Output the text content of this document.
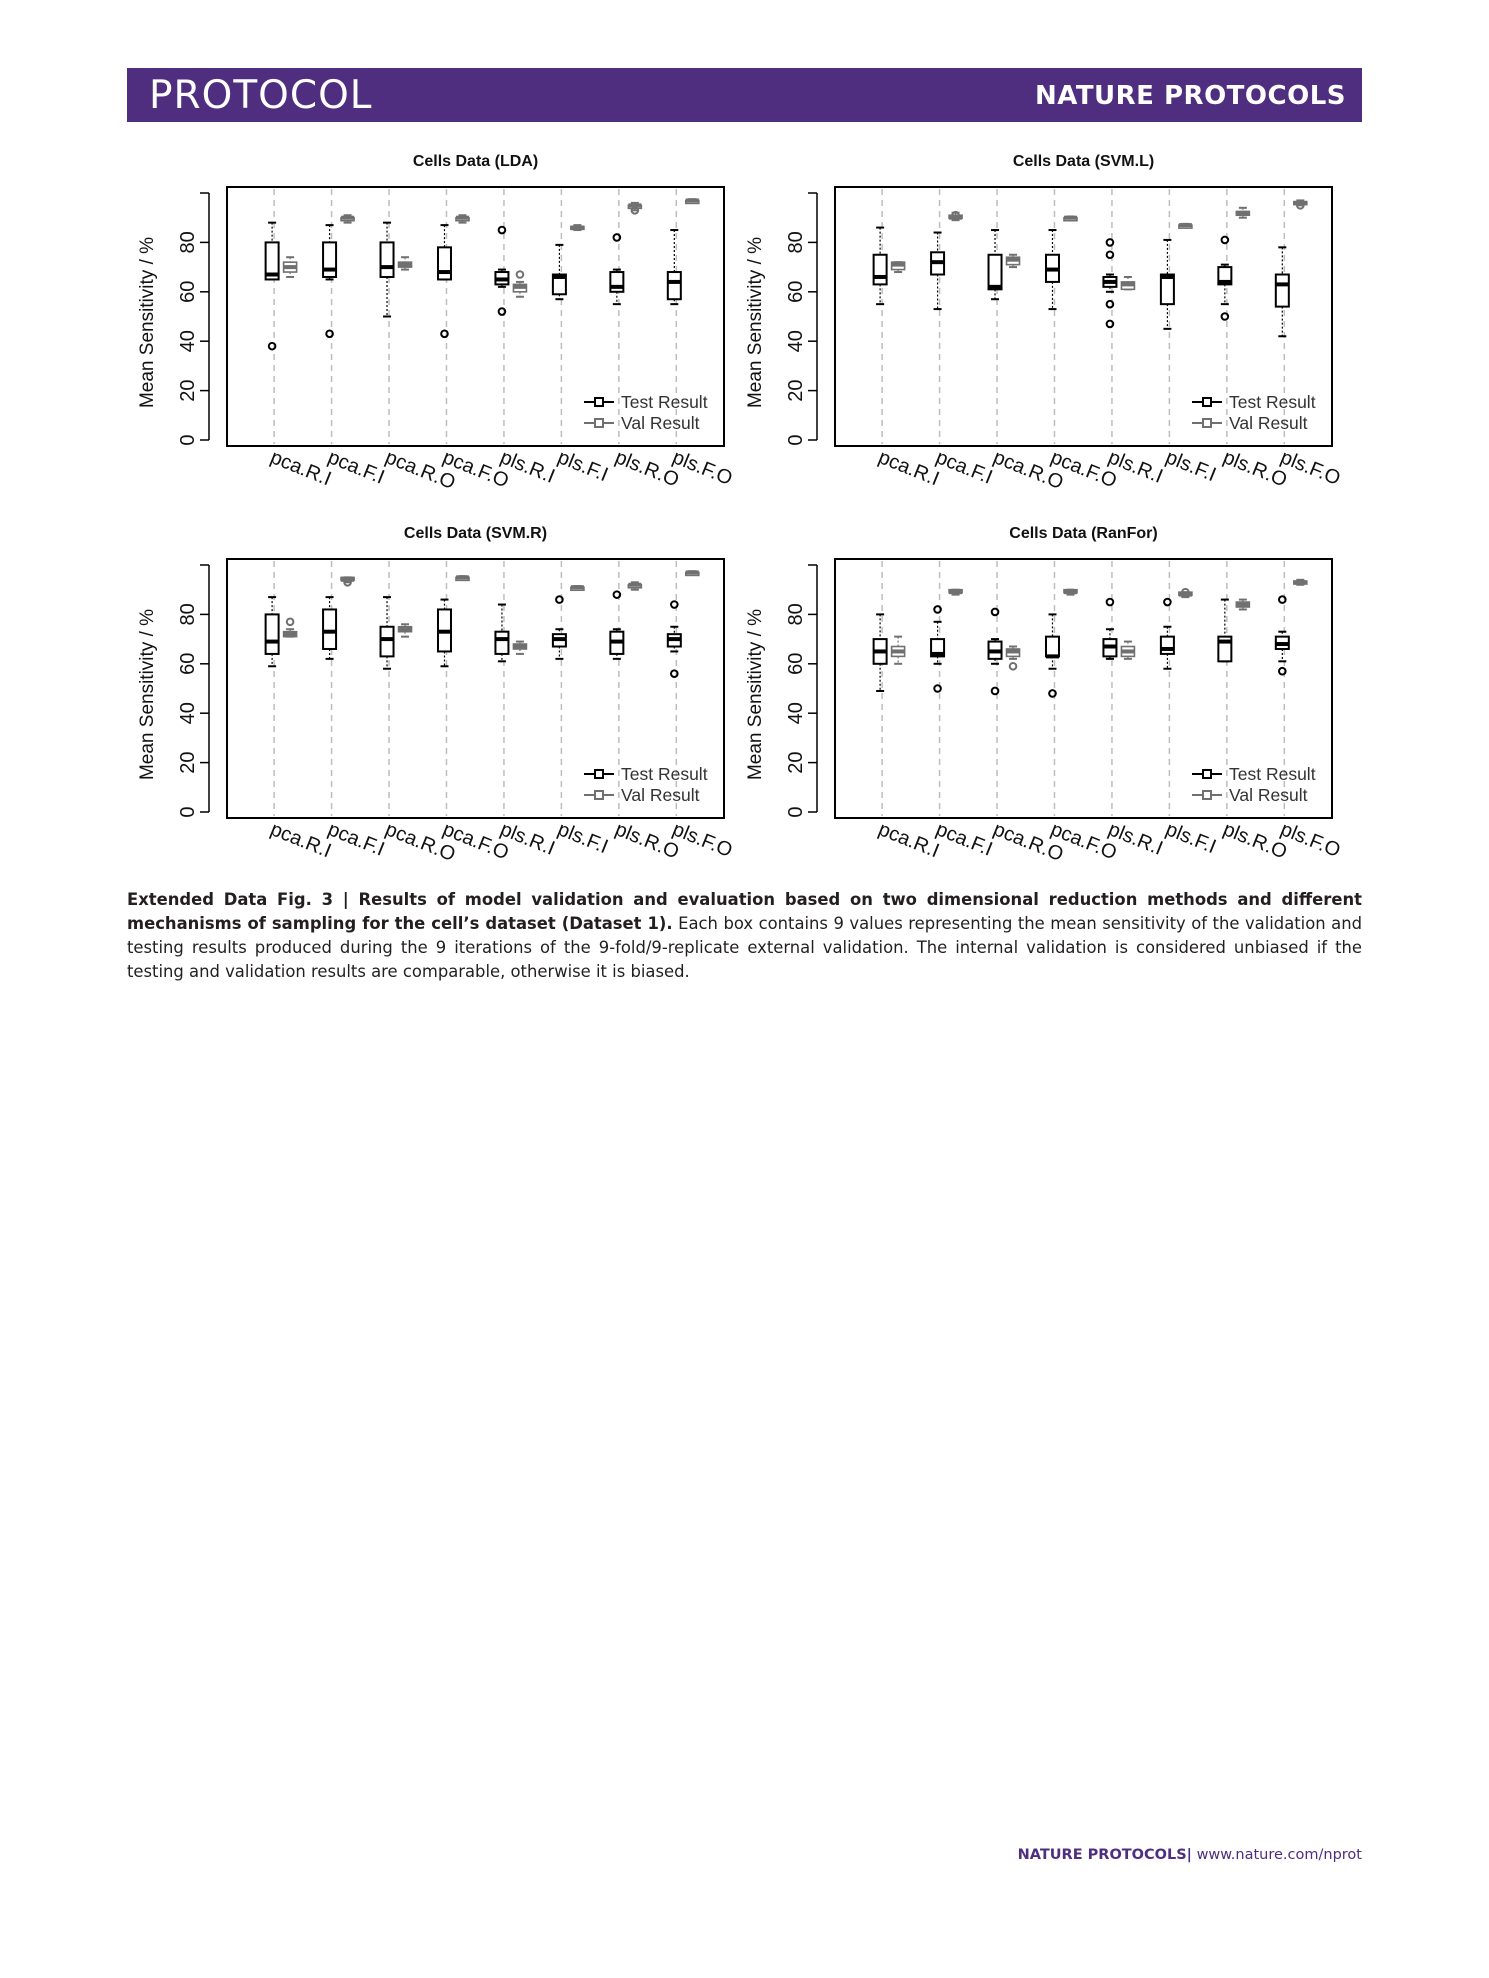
PROTOCOL	NATURE PROTOCOLS
Cells Data (LDA)
0
20
40
60
80
Mean Sensitivity / %
pca.R.I
pca.F.I
pca.R.O
pca.F.O
pls.R.I
pls.F.I pls.R.O
pls.F.O
Test Result
Val Result
Cells Data (SVM.L)
0
20
40
60
80
Mean Sensitivity / %
pca.R.I
pca.F.I
pca.R.O
pca.F.O
pls.R.I
pls.F.I pls.R.O
pls.F.O
Test Result
Val Result
Cells Data (SVM.R)
0
20
40
60
80
Mean Sensitivity / %
pca.R.I
pca.F.I
pca.R.O
pca.F.O
pls.R.I
pls.F.I pls.R.O
pls.F.O
Test Result
Val Result
Cells Data (RanFor)
0
20
40
60
80
Mean Sensitivity / %
pca.R.I
pca.F.I
pca.R.O
pca.F.O
pls.R.I
pls.F.I pls.R.O
pls.F.O
Test Result
Val Result
Extended Data Fig. 3 | Results of model validation and evaluation based on two dimensional reduction methods and different mechanisms of sampling for the cell’s dataset (Dataset 1). Each box contains 9 values representing the mean sensitivity of the validation and testing results produced during the 9 iterations of the 9-fold/9-replicate external validation. The internal validation is considered unbiased if the testing and validation results are comparable, otherwise it is biased.
NATURE PROTOCOLS| www.nature.com/nprot
